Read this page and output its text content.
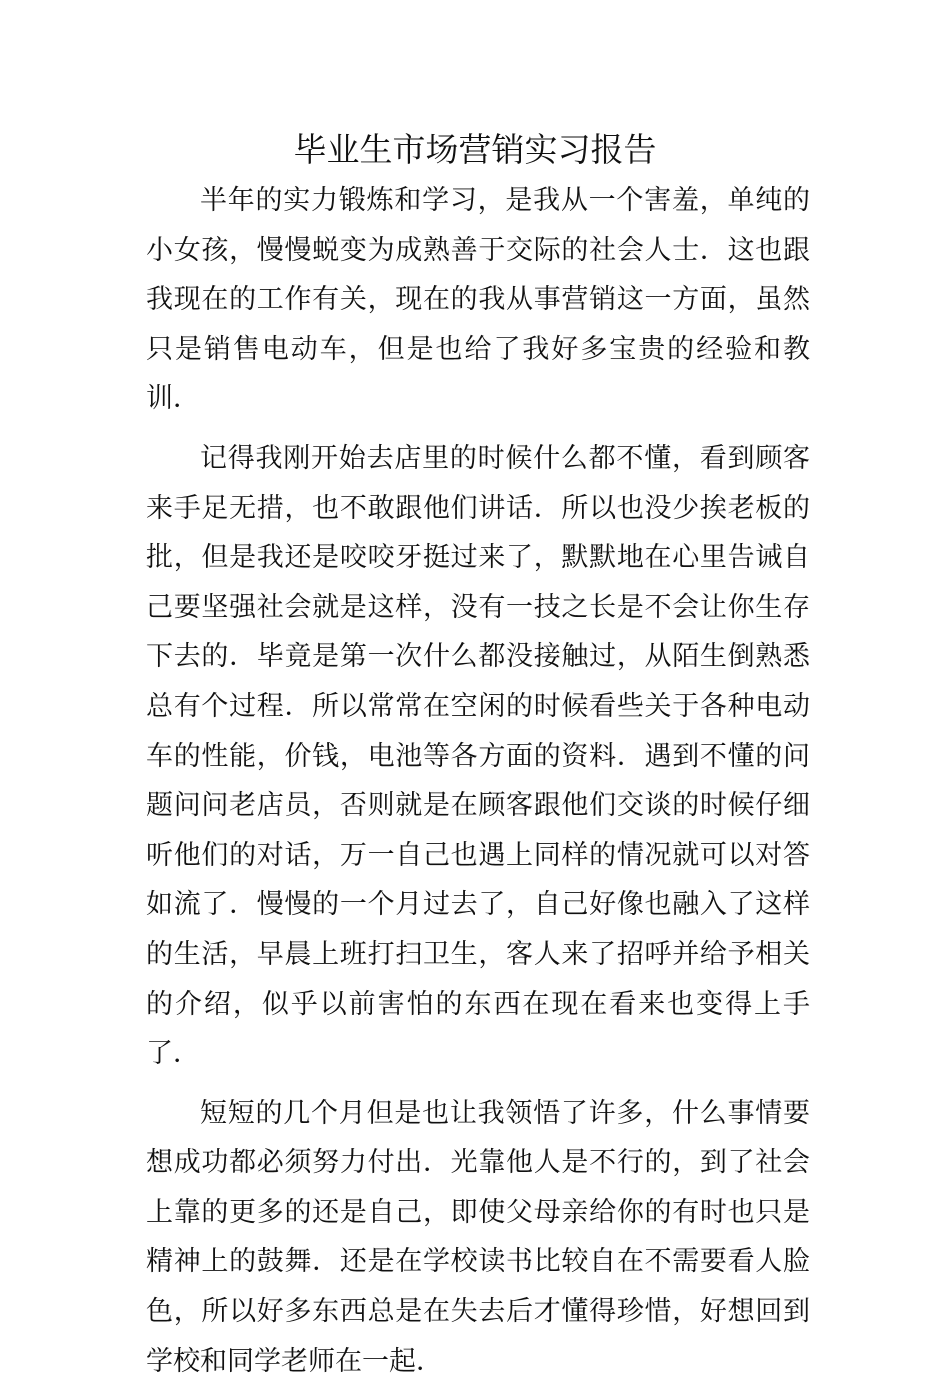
毕业生市场营销实习报告

半年的实力锻炼和学习，是我从一个害羞，单纯的小女孩，慢慢蜕变为成熟善于交际的社会人士．这也跟我现在的工作有关，现在的我从事营销这一方面，虽然只是销售电动车，但是也给了我好多宝贵的经验和教训．

记得我刚开始去店里的时候什么都不懂，看到顾客来手足无措，也不敢跟他们讲话．所以也没少挨老板的批，但是我还是咬咬牙挺过来了，默默地在心里告诫自己要坚强社会就是这样，没有一技之长是不会让你生存下去的．毕竟是第一次什么都没接触过，从陌生倒熟悉总有个过程．所以常常在空闲的时候看些关于各种电动车的性能，价钱，电池等各方面的资料．遇到不懂的问题问问老店员，否则就是在顾客跟他们交谈的时候仔细听他们的对话，万一自己也遇上同样的情况就可以对答如流了．慢慢的一个月过去了，自己好像也融入了这样的生活，早晨上班打扫卫生，客人来了招呼并给予相关的介绍，似乎以前害怕的东西在现在看来也变得上手了．

短短的几个月但是也让我领悟了许多，什么事情要想成功都必须努力付出．光靠他人是不行的，到了社会上靠的更多的还是自己，即使父母亲给你的有时也只是精神上的鼓舞．还是在学校读书比较自在不需要看人脸色，所以好多东西总是在失去后才懂得珍惜，好想回到学校和同学老师在一起．
